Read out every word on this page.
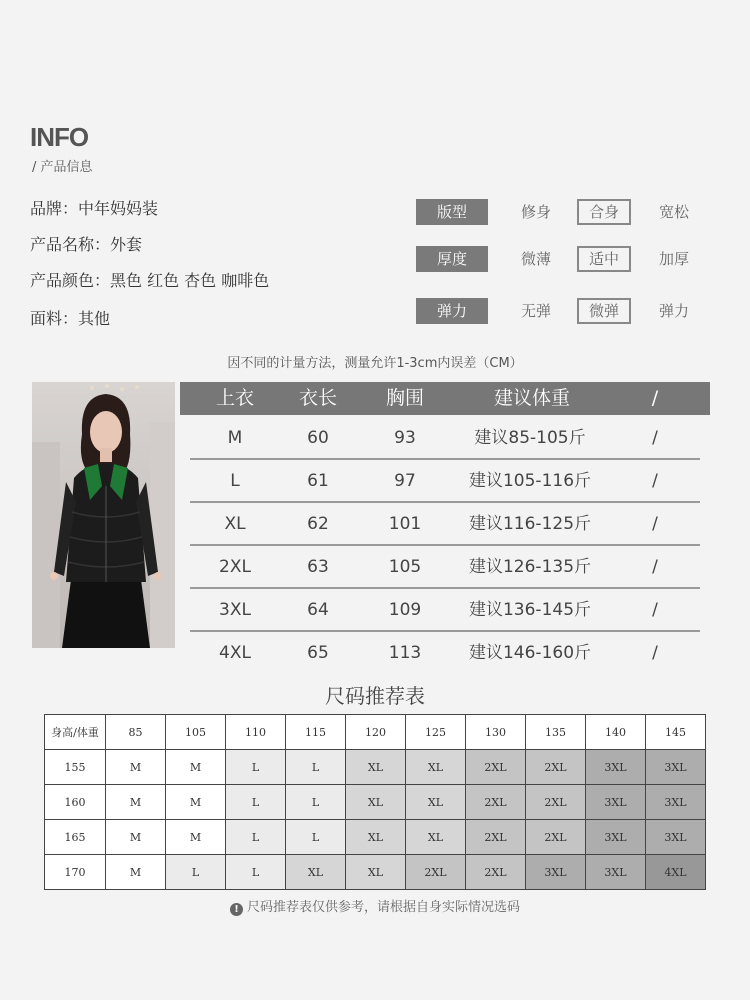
INFO
/ 产品信息
品牌：中年妈妈装
产品名称：外套
产品颜色：黑色 红色 杏色 咖啡色
面料：其他
版型	修身	合身	宽松
厚度	微薄	适中	加厚
弹力	无弹	微弹	弹力
因不同的计量方法，测量允许1-3cm内误差（CM）
上衣	衣长	胸围	建议体重	/
M	60	93	建议85-105斤	/
L	61	97	建议105-116斤	/
XL	62	101	建议116-125斤	/
2XL	63	105	建议126-135斤	/
3XL	64	109	建议136-145斤	/
4XL	65	113	建议146-160斤	/
尺码推荐表
身高/体重	85	105	110	115	120	125	130	135	140	145
155	M	M	L	L	XL	XL	2XL	2XL	3XL	3XL
160	M	M	L	L	XL	XL	2XL	2XL	3XL	3XL
165	M	M	L	L	XL	XL	2XL	2XL	3XL	3XL
170	M	L	L	XL	XL	2XL	2XL	3XL	3XL	4XL
! 尺码推荐表仅供参考，请根据自身实际情况选码
